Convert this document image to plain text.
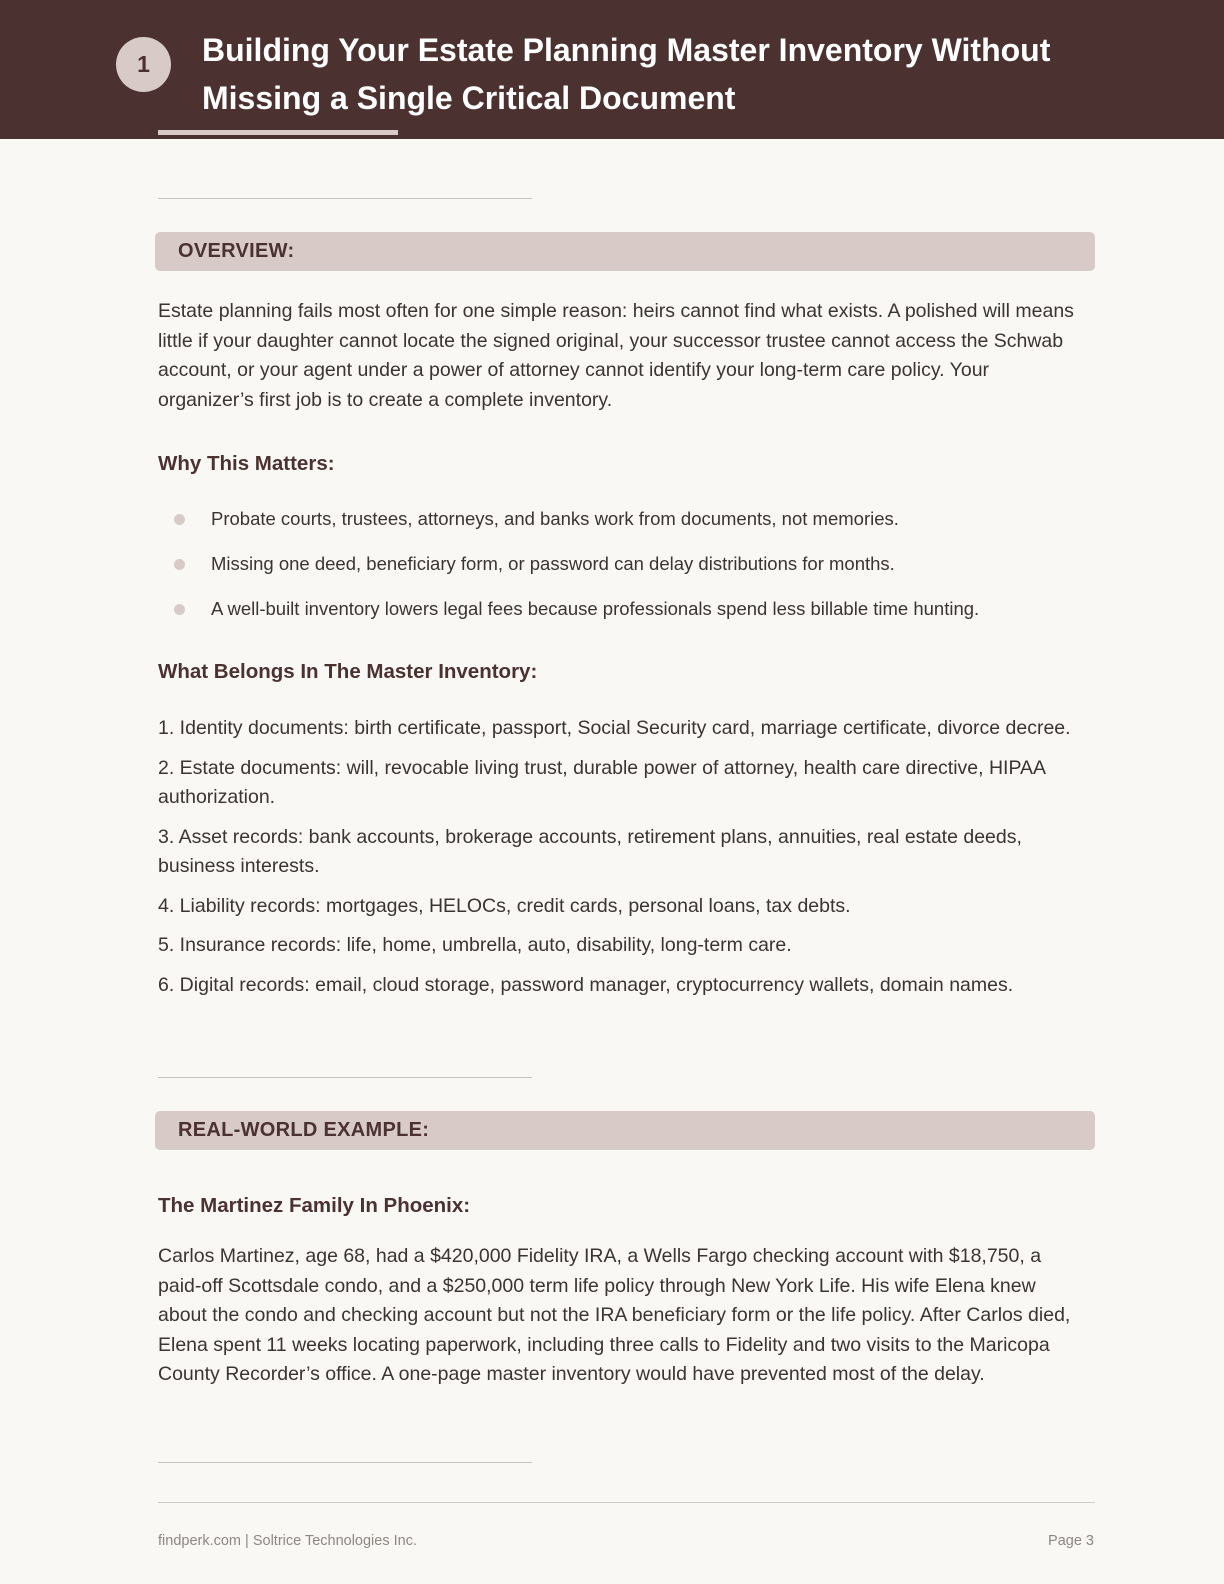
1	Building Your Estate Planning Master Inventory Without Missing a Single Critical Document
OVERVIEW:

Estate planning fails most often for one simple reason: heirs cannot find what exists. A polished will means little if your daughter cannot locate the signed original, your successor trustee cannot access the Schwab account, or your agent under a power of attorney cannot identify your long-term care policy. Your organizer’s first job is to create a complete inventory.

Why This Matters:
Probate courts, trustees, attorneys, and banks work from documents, not memories.
Missing one deed, beneficiary form, or password can delay distributions for months.
A well-built inventory lowers legal fees because professionals spend less billable time hunting.
What Belongs In The Master Inventory:
1. Identity documents: birth certificate, passport, Social Security card, marriage certificate, divorce decree.
2. Estate documents: will, revocable living trust, durable power of attorney, health care directive, HIPAA authorization.
3. Asset records: bank accounts, brokerage accounts, retirement plans, annuities, real estate deeds, business interests.
4. Liability records: mortgages, HELOCs, credit cards, personal loans, tax debts.
5. Insurance records: life, home, umbrella, auto, disability, long-term care.
6. Digital records: email, cloud storage, password manager, cryptocurrency wallets, domain names.
REAL-WORLD EXAMPLE:
The Martinez Family In Phoenix:

Carlos Martinez, age 68, had a $420,000 Fidelity IRA, a Wells Fargo checking account with $18,750, a paid-off Scottsdale condo, and a $250,000 term life policy through New York Life. His wife Elena knew about the condo and checking account but not the IRA beneficiary form or the life policy. After Carlos died, Elena spent 11 weeks locating paperwork, including three calls to Fidelity and two visits to the Maricopa County Recorder’s office. A one-page master inventory would have prevented most of the delay.

findperk.com | Soltrice Technologies Inc.	Page 3
